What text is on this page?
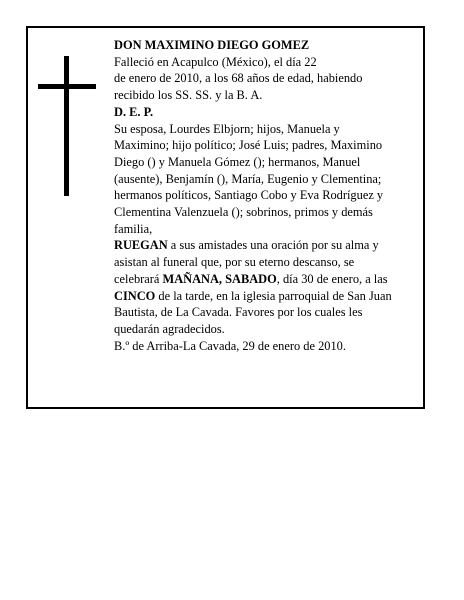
DON MAXIMINO DIEGO GOMEZ
Falleció en Acapulco (México), el día 22
de enero de 2010, a los 68 años de edad, habiendo
recibido los SS. SS. y la B. A.
D. E. P.
Su esposa, Lourdes Elbjorn; hijos, Manuela y
Maximino; hijo político; José Luis; padres, Maximino
Diego () y Manuela Gómez (); hermanos, Manuel
(ausente), Benjamín (), María, Eugenio y Clementina;
hermanos políticos, Santiago Cobo y Eva Rodríguez y
Clementina Valenzuela (); sobrinos, primos y demás
familia,
RUEGAN a sus amistades una oración por su alma y
asistan al funeral que, por su eterno descanso, se
celebrará MAÑANA, SABADO, día 30 de enero, a las
CINCO de la tarde, en la iglesia parroquial de San Juan
Bautista, de La Cavada. Favores por los cuales les
quedarán agradecidos.
B.º de Arriba-La Cavada, 29 de enero de 2010.
